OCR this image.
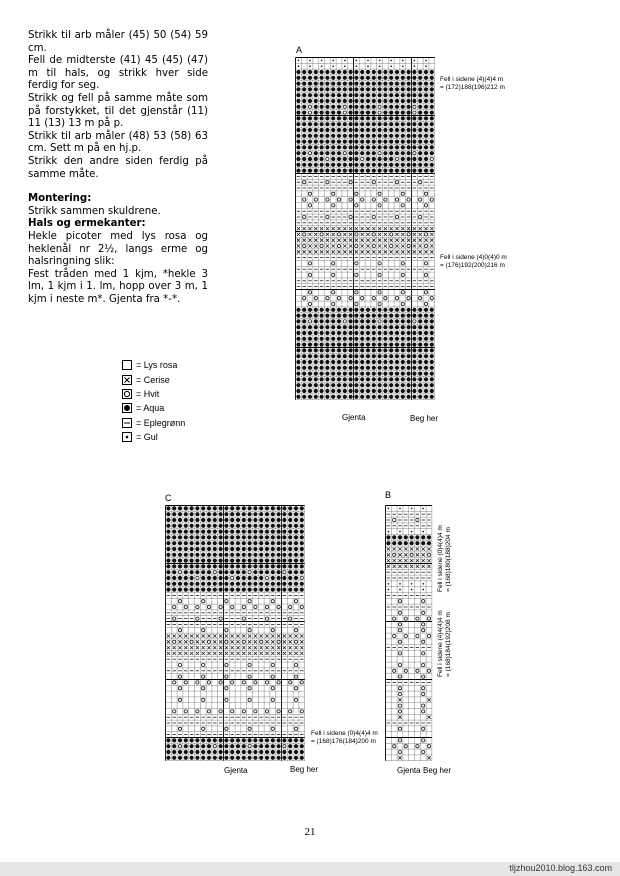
Strikk til arb måler (45) 50 (54) 59 cm.

Fell de midterste (41) 45 (45) (47) m til hals, og strikk hver side ferdig for seg.

Strikk og fell på samme måte som på forstykket, til det gjenstår (11) 11 (13) 13 m på p.

Strikk til arb måler (48) 53 (58) 63 cm. Sett m på en hj.p.

Strikk den andre siden ferdig på samme måte.

Montering:

Strikk sammen skuldrene.

Hals og ermekanter:

Hekle picoter med lys rosa og heklenål nr 2½, langs erme og halsringning slik:

Fest tråden med 1 kjm, *hekle 3 lm, 1 kjm i 1. lm, hopp over 3 m, 1 kjm i neste m*. Gjenta fra *-*.

= Lys rosa
= Cerise
= Hvit
= Aqua
= Eplegrønn
= Gul
A
Fell i sidene (4)(4)4 m
= (172)188(196)212 m
Fell i sidene (4)0(4)0 m
= (176)192(200)216 m
Gjenta	Beg her
C
Fell i sidene (0)4(4)4 m
= (168)176(184)200 m
Gjenta	Beg her
B
Fell i sidene (0)4(4)4 m = (168)180(188)204 m
Fell i sidene (4)4(4)4 m = (168)184(192)208 m
Gjenta Beg her
21
tljzhou2010.blog.163.com
